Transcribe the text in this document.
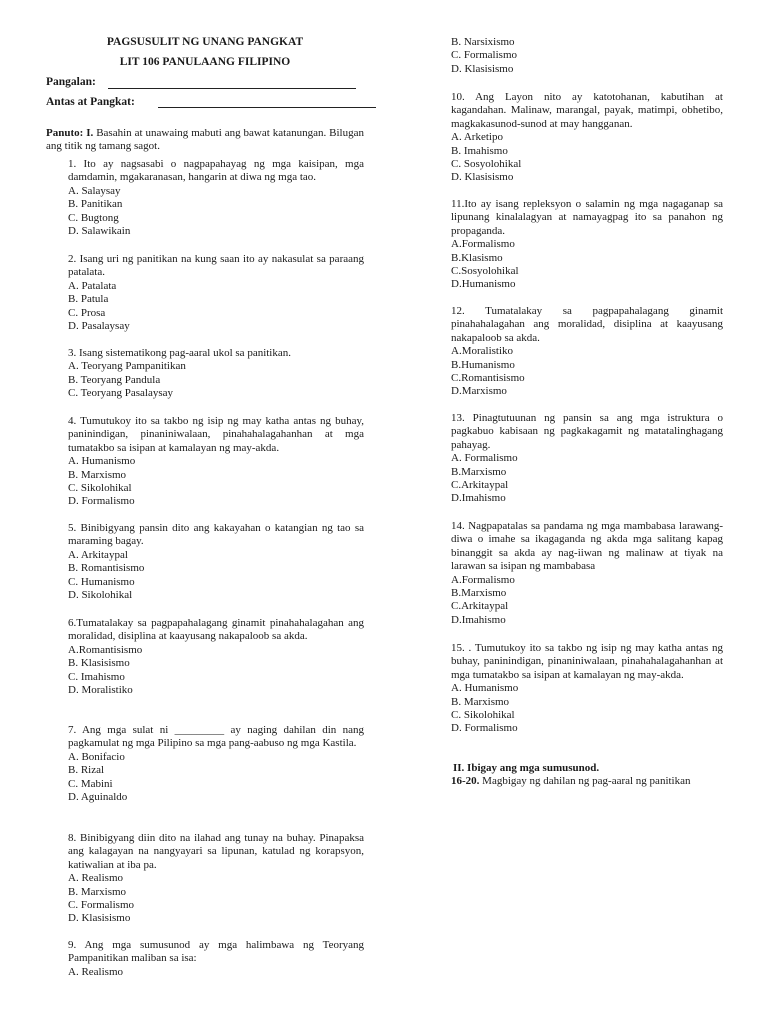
PAGSUSULIT NG UNANG PANGKAT
LIT 106 PANULAANG FILIPINO
Pangalan:
Antas at Pangkat:
Panuto: I. Basahin at unawaing mabuti ang bawat katanungan. Bilugan ang titik ng tamang sagot.
1. Ito ay nagsasabi o nagpapahayag ng mga kaisipan, mga damdamin, mgakaranasan, hangarin at diwa ng mga tao.
A. Salaysay
B. Panitikan
C. Bugtong
D. Salawikain
2. Isang uri ng panitikan na kung saan ito ay nakasulat sa paraang patalata.
A. Patalata
B. Patula
C. Prosa
D. Pasalaysay
3. Isang sistematikong pag-aaral ukol sa panitikan.
A. Teoryang Pampanitikan
B. Teoryang Pandula
C. Teoryang Pasalaysay
4. Tumutukoy ito sa takbo ng isip ng may katha antas ng buhay, paninindigan, pinaniniwalaan, pinahahalagahanhan at mga tumatakbo sa isipan at kamalayan ng may-akda.
A. Humanismo
B. Marxismo
C. Sikolohikal
D. Formalismo
5. Binibigyang pansin dito ang kakayahan o katangian ng tao sa maraming bagay.
A. Arkitaypal
B. Romantisismo
C. Humanismo
D. Sikolohikal
6.Tumatalakay sa pagpapahalagang ginamit pinahahalagahan ang moralidad, disiplina at kaayusang nakapaloob sa akda.
A.Romantisismo
B. Klasisismo
C. Imahismo
D. Moralistiko
7. Ang mga sulat ni _________ ay naging dahilan din nang pagkamulat ng mga Pilipino sa mga pang-aabuso ng mga Kastila.
A. Bonifacio
B. Rizal
C. Mabini
D. Aguinaldo
8. Binibigyang diin dito na ilahad ang tunay na buhay. Pinapaksa ang kalagayan na nangyayari sa lipunan, katulad ng korapsyon, katiwalian at iba pa.
A. Realismo
B. Marxismo
C. Formalismo
D. Klasisismo
9. Ang mga sumusunod ay mga halimbawa ng Teoryang Pampanitikan maliban sa isa:
A. Realismo
B. Narsixismo
C. Formalismo
D. Klasisismo
10. Ang Layon nito ay katotohanan, kabutihan at kagandahan. Malinaw, marangal, payak, matimpi, obhetibo, magkakasunod-sunod at may hangganan.
A. Arketipo
B. Imahismo
C. Sosyolohikal
D. Klasisismo
11.Ito ay isang repleksyon o salamin ng mga nagaganap sa lipunang kinalalagyan at namayagpag ito sa panahon ng propaganda.
A.Formalismo
B.Klasismo
C.Sosyolohikal
D.Humanismo
12. Tumatalakay sa pagpapahalagang ginamit pinahahalagahan ang moralidad, disiplina at kaayusang nakapaloob sa akda.
A.Moralistiko
B.Humanismo
C.Romantisismo
D.Marxismo
13. Pinagtutuunan ng pansin sa ang mga istruktura o pagkabuo kabisaan ng pagkakagamit ng matatalinghagang pahayag.
A. Formalismo
B.Marxismo
C.Arkitaypal
D.Imahismo
14. Nagpapatalas sa pandama ng mga mambabasa larawang-diwa o imahe sa ikagaganda ng akda mga salitang kapag binanggit sa akda ay nag-iiwan ng malinaw at tiyak na larawan sa isipan ng mambabasa
A.Formalismo
B.Marxismo
C.Arkitaypal
D.Imahismo
15. . Tumutukoy ito sa takbo ng isip ng may katha antas ng buhay, paninindigan, pinaniniwalaan, pinahahalagahanhan at mga tumatakbo sa isipan at kamalayan ng may-akda.
A. Humanismo
B. Marxismo
C. Sikolohikal
D. Formalismo
II. Ibigay ang mga sumusunod.
16-20. Magbigay ng dahilan ng pag-aaral ng panitikan
